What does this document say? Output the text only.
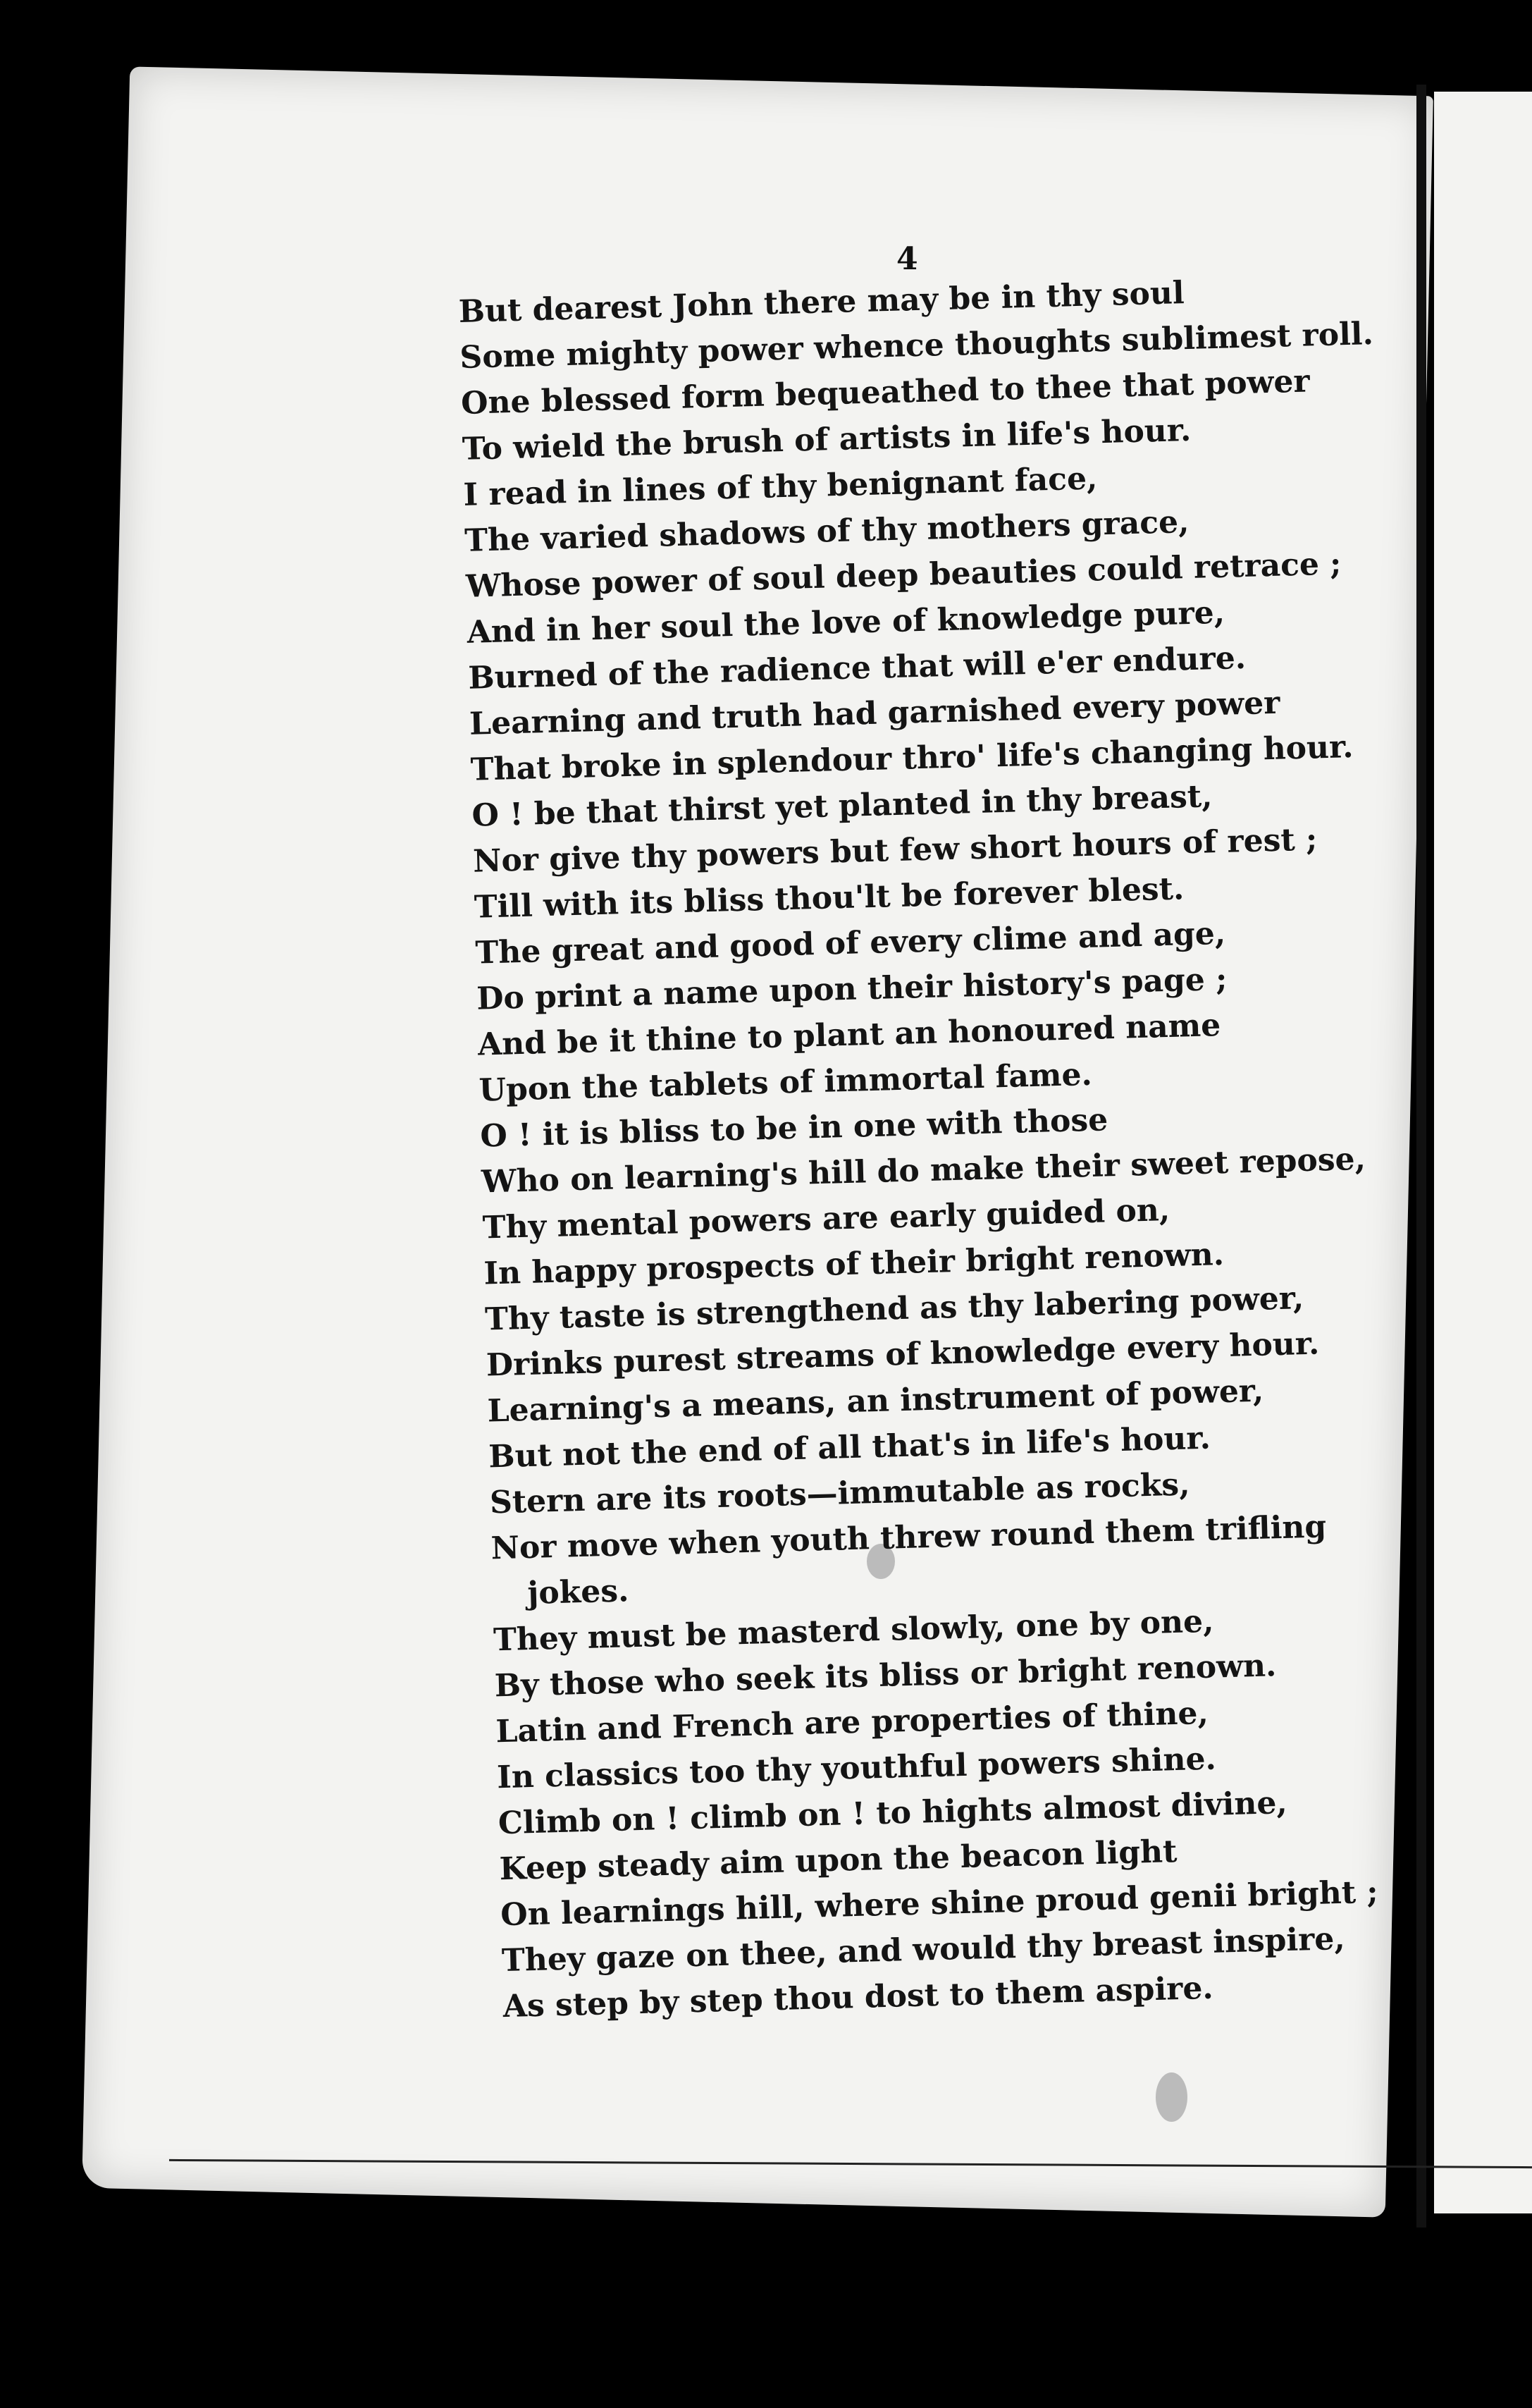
4
But dearest John there may be in thy soul
Some mighty power whence thoughts sublimest roll.
One blessed form bequeathed to thee that power
To wield the brush of artists in life's hour.
I read in lines of thy benignant face,
The varied shadows of thy mothers grace,
Whose power of soul deep beauties could retrace ;
And in her soul the love of knowledge pure,
Burned of the radience that will e'er endure.
Learning and truth had garnished every power
That broke in splendour thro' life's changing hour.
O ! be that thirst yet planted in thy breast,
Nor give thy powers but few short hours of rest ;
Till with its bliss thou'lt be forever blest.
The great and good of every clime and age,
Do print a name upon their history's page ;
And be it thine to plant an honoured name
Upon the tablets of immortal fame.
O ! it is bliss to be in one with those
Who on learning's hill do make their sweet repose,
Thy mental powers are early guided on,
In happy prospects of their bright renown.
Thy taste is strengthend as thy labering power,
Drinks purest streams of knowledge every hour.
Learning's a means, an instrument of power,
But not the end of all that's in life's hour.
Stern are its roots—immutable as rocks,
Nor move when youth threw round them trifling
jokes.
They must be masterd slowly, one by one,
By those who seek its bliss or bright renown.
Latin and French are properties of thine,
In classics too thy youthful powers shine.
Climb on ! climb on ! to hights almost divine,
Keep steady aim upon the beacon light
On learnings hill, where shine proud genii bright ;
They gaze on thee, and would thy breast inspire,
As step by step thou dost to them aspire.
